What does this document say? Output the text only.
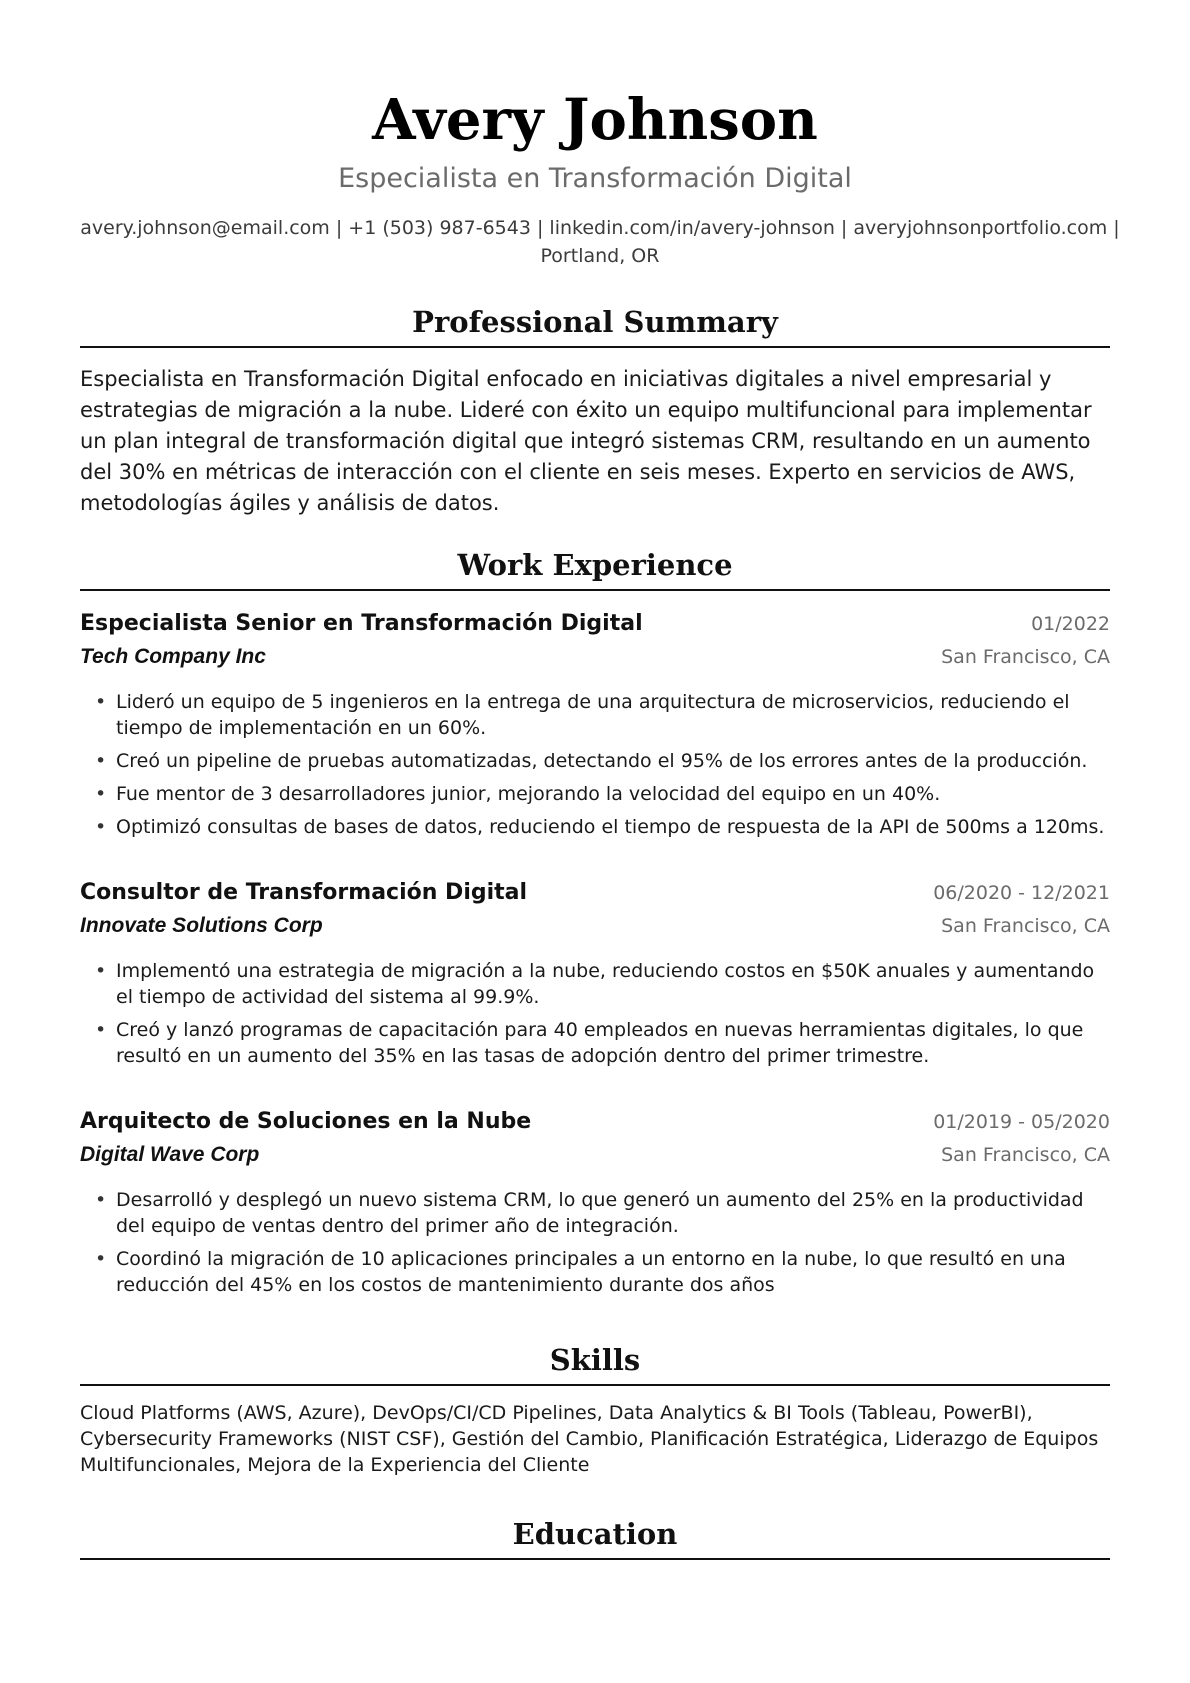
Avery Johnson
Especialista en Transformación Digital
avery.johnson@email.com | +1 (503) 987-6543 | linkedin.com/in/avery-johnson | averyjohnsonportfolio.com | Portland, OR
Professional Summary

Especialista en Transformación Digital enfocado en iniciativas digitales a nivel empresarial y estrategias de migración a la nube. Lideré con éxito un equipo multifuncional para implementar un plan integral de transformación digital que integró sistemas CRM, resultando en un aumento del 30% en métricas de interacción con el cliente en seis meses. Experto en servicios de AWS, metodologías ágiles y análisis de datos.

Work Experience
Especialista Senior en Transformación Digital	01/2022
Tech Company Inc	San Francisco, CA
• Lideró un equipo de 5 ingenieros en la entrega de una arquitectura de microservicios, reduciendo el tiempo de implementación en un 60%.
• Creó un pipeline de pruebas automatizadas, detectando el 95% de los errores antes de la producción.
• Fue mentor de 3 desarrolladores junior, mejorando la velocidad del equipo en un 40%.
• Optimizó consultas de bases de datos, reduciendo el tiempo de respuesta de la API de 500ms a 120ms.
Consultor de Transformación Digital	06/2020 - 12/2021
Innovate Solutions Corp	San Francisco, CA
• Implementó una estrategia de migración a la nube, reduciendo costos en $50K anuales y aumentando el tiempo de actividad del sistema al 99.9%.
• Creó y lanzó programas de capacitación para 40 empleados en nuevas herramientas digitales, lo que resultó en un aumento del 35% en las tasas de adopción dentro del primer trimestre.
Arquitecto de Soluciones en la Nube	01/2019 - 05/2020
Digital Wave Corp	San Francisco, CA
• Desarrolló y desplegó un nuevo sistema CRM, lo que generó un aumento del 25% en la productividad del equipo de ventas dentro del primer año de integración.
• Coordinó la migración de 10 aplicaciones principales a un entorno en la nube, lo que resultó en una reducción del 45% en los costos de mantenimiento durante dos años
Skills
Cloud Platforms (AWS, Azure), DevOps/CI/CD Pipelines, Data Analytics & BI Tools (Tableau, PowerBI), Cybersecurity Frameworks (NIST CSF), Gestión del Cambio, Planificación Estratégica, Liderazgo de Equipos Multifuncionales, Mejora de la Experiencia del Cliente
Education
